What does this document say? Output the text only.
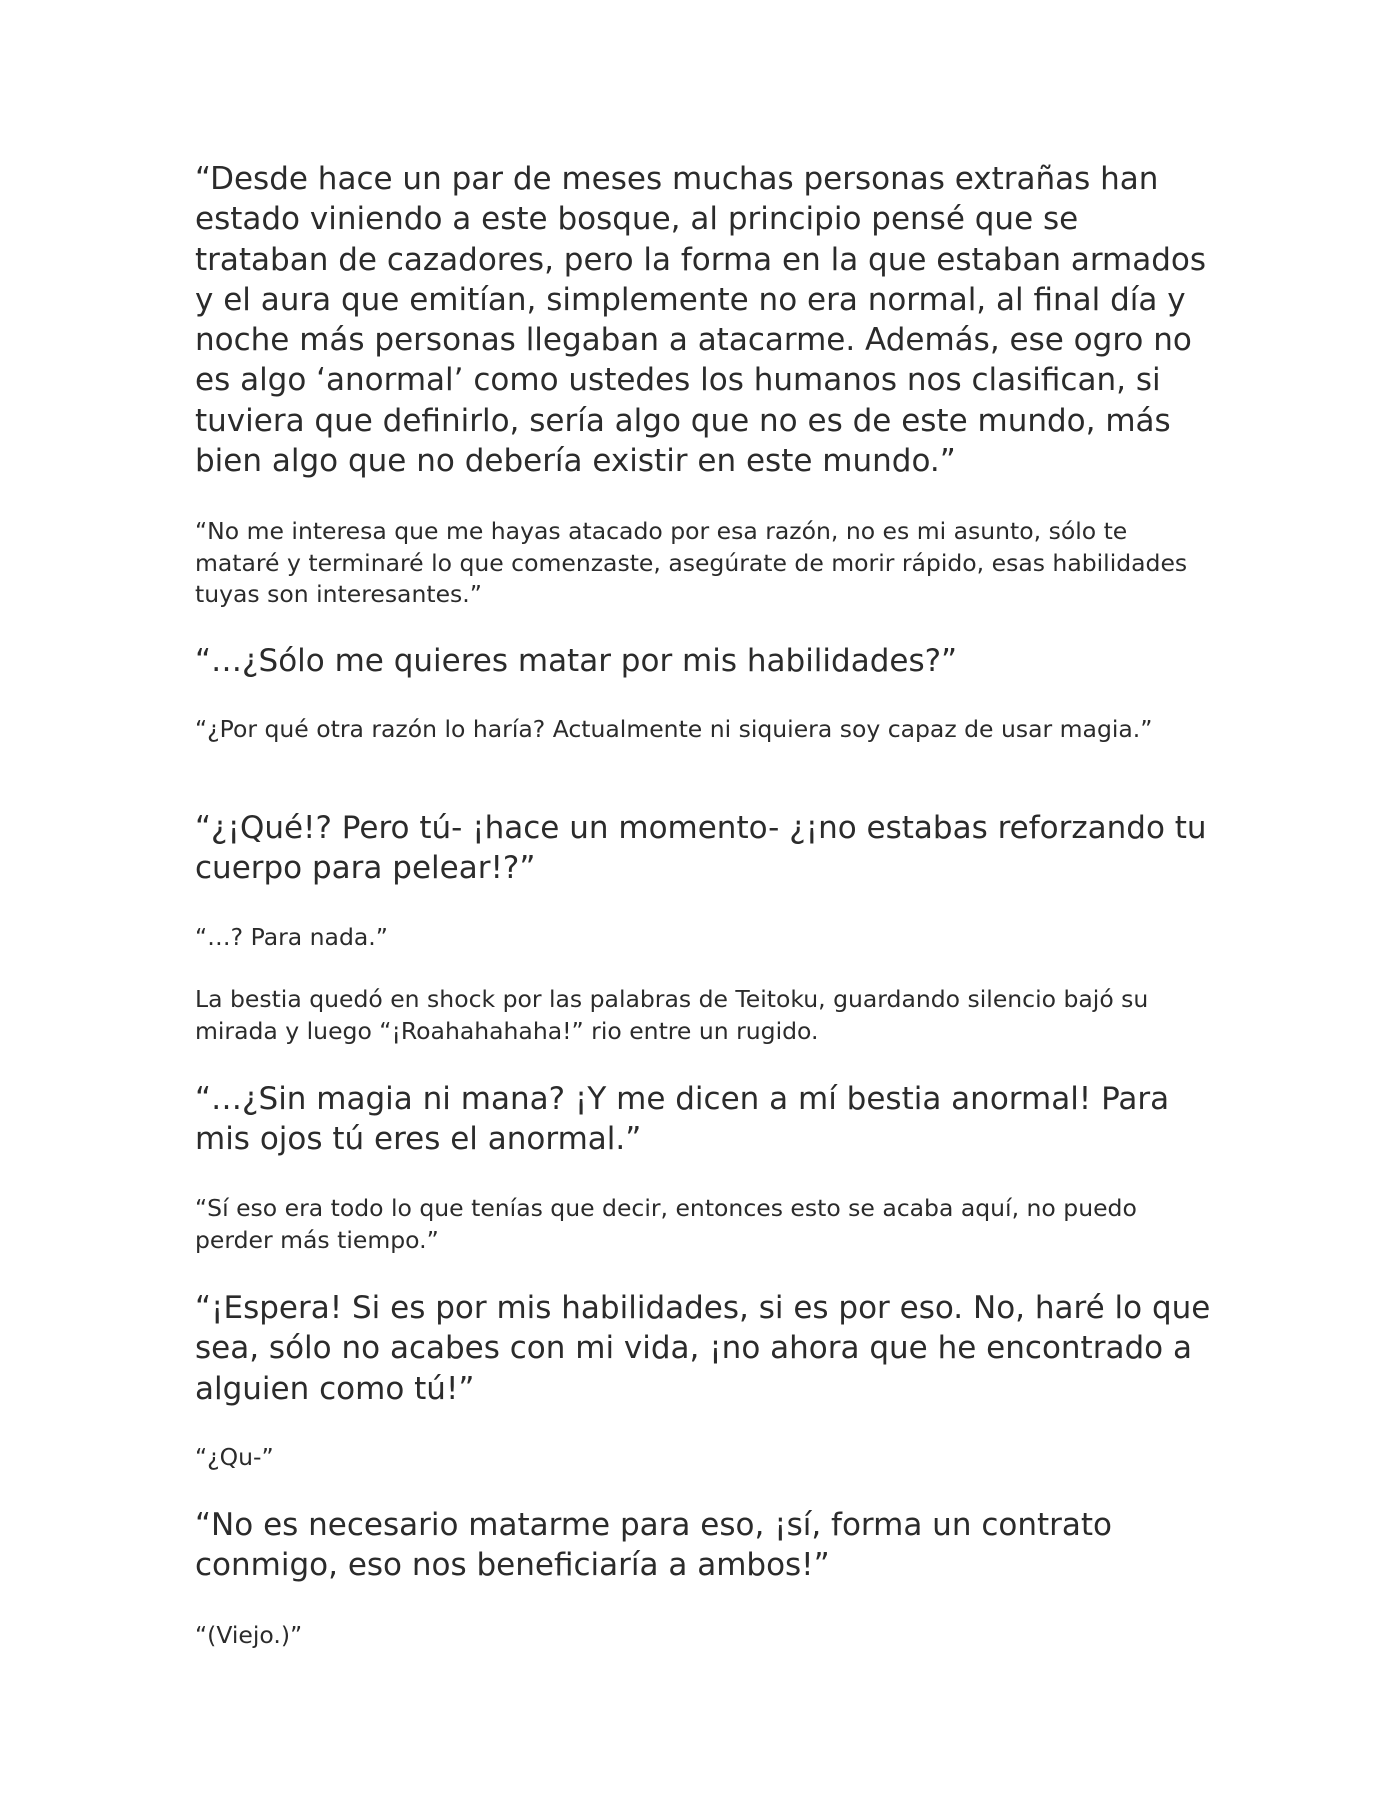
“Desde hace un par de meses muchas personas extrañas han estado viniendo a este bosque, al principio pensé que se trataban de cazadores, pero la forma en la que estaban armados y el aura que emitían, simplemente no era normal, al final día y noche más personas llegaban a atacarme. Además, ese ogro no es algo ‘anormal’ como ustedes los humanos nos clasifican, si tuviera que definirlo, sería algo que no es de este mundo, más bien algo que no debería existir en este mundo.”

“No me interesa que me hayas atacado por esa razón, no es mi asunto, sólo te mataré y terminaré lo que comenzaste, asegúrate de morir rápido, esas habilidades tuyas son interesantes.”

“…¿Sólo me quieres matar por mis habilidades?”

“¿Por qué otra razón lo haría? Actualmente ni siquiera soy capaz de usar magia.”

“¿¡Qué!? Pero tú- ¡hace un momento- ¿¡no estabas reforzando tu cuerpo para pelear!?”

“…? Para nada.”

La bestia quedó en shock por las palabras de Teitoku, guardando silencio bajó su mirada y luego “¡Roahahahaha!” rio entre un rugido.

“…¿Sin magia ni mana? ¡Y me dicen a mí bestia anormal! Para mis ojos tú eres el anormal.”

“Sí eso era todo lo que tenías que decir, entonces esto se acaba aquí, no puedo perder más tiempo.”

“¡Espera! Si es por mis habilidades, si es por eso. No, haré lo que sea, sólo no acabes con mi vida, ¡no ahora que he encontrado a alguien como tú!”

“¿Qu-”

“No es necesario matarme para eso, ¡sí, forma un contrato conmigo, eso nos beneficiaría a ambos!”

“(Viejo.)”
